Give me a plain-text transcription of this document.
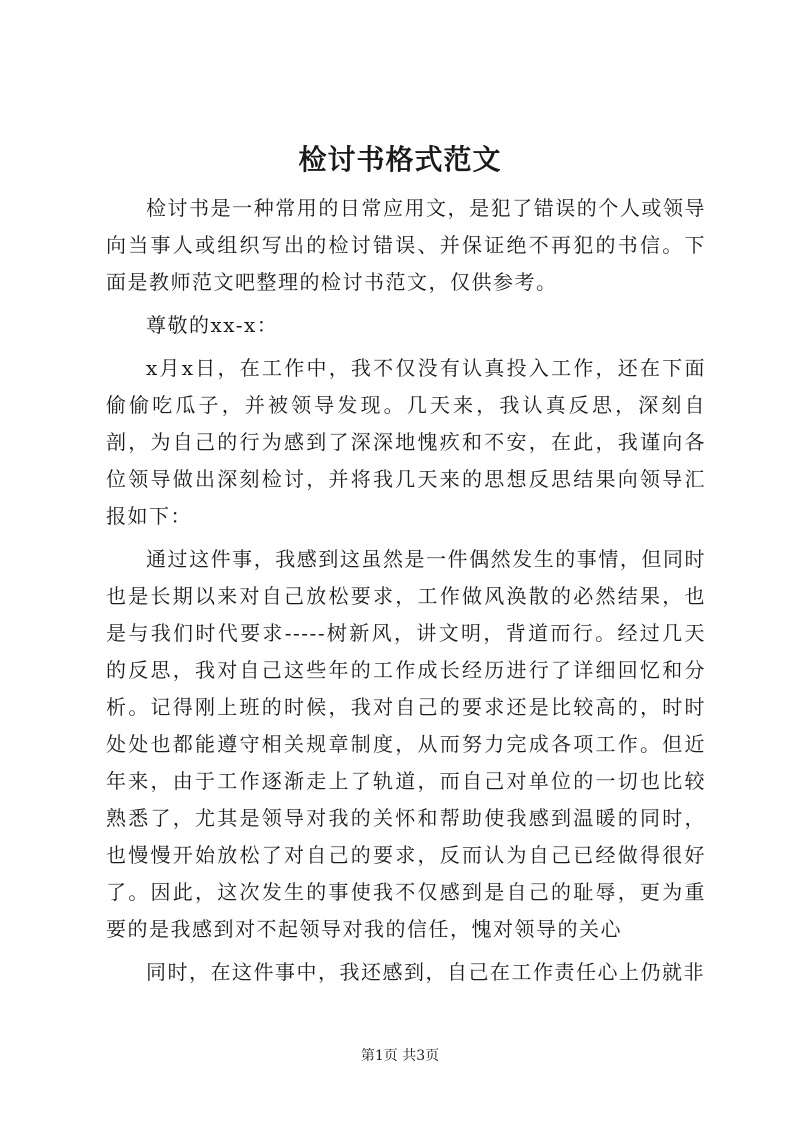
检讨书格式范文

检讨书是一种常用的日常应用文，是犯了错误的个人或领导向当事人或组织写出的检讨错误、并保证绝不再犯的书信。下面是教师范文吧整理的检讨书范文，仅供参考。

尊敬的xx-x：

x月x日，在工作中，我不仅没有认真投入工作，还在下面偷偷吃瓜子，并被领导发现。几天来，我认真反思，深刻自剖，为自己的行为感到了深深地愧疚和不安，在此，我谨向各位领导做出深刻检讨，并将我几天来的思想反思结果向领导汇报如下：

通过这件事，我感到这虽然是一件偶然发生的事情，但同时也是长期以来对自己放松要求，工作做风涣散的必然结果，也是与我们时代要求-----树新风，讲文明，背道而行。经过几天的反思，我对自己这些年的工作成长经历进行了详细回忆和分析。记得刚上班的时候，我对自己的要求还是比较高的，时时处处也都能遵守相关规章制度，从而努力完成各项工作。但近年来，由于工作逐渐走上了轨道，而自己对单位的一切也比较熟悉了，尤其是领导对我的关怀和帮助使我感到温暖的同时，也慢慢开始放松了对自己的要求，反而认为自己已经做得很好了。因此，这次发生的事使我不仅感到是自己的耻辱，更为重要的是我感到对不起领导对我的信任，愧对领导的关心

同时，在这件事中，我还感到，自己在工作责任心上仍就非

第1页 共3页
